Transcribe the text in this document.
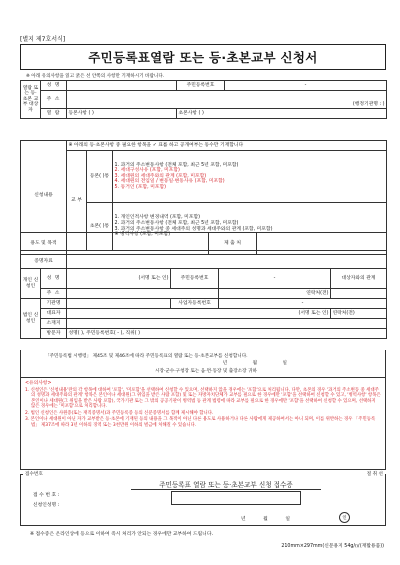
[별지 제7호서식]
주민등록표열람 또는 등·초본교부 신청서
※ 아래 유의사항을 읽고 굵은 선 안쪽의 사항만 기재하시기 바랍니다.
열람 또는 등·초본 교부 대상자	성 명		주민등록번호	-
	주 소	(행정기관명 : )		
	열 람	등본사항 ( )	초본사항 ( )	
신청내용	※ 아래의 등·초본사항 중 필요한 항목을 ✓ 표를 하고 공개여부는 동수만 기재합니다		
	교 부	등본( )통	1. 과거의 주소변동사항 (전체 포함, 최근 5년 포함, 미포함)
2. 세대구성사유 (포함, 미포함)
3. 세대원의 세대주와의 관계 (포함, 미포함)
4. 세대원의 전입일 / 변동일·변동사유 (포함, 미포함)
5. 동거인 (포함, 미포함)

		초본( )통	1. 개인인적사항 변경내역 (포함, 미포함)
2. 과거의 주소변동사항 (전체 포함, 최근 5년 포함, 미포함)
3. 과거의 주소변동사항 중 세대주의 성명과 세대주와의 관계 (포함, 미포함)
※ 병역사항 (포함, 미포함)
용도 및 목적		제 출 처	
증명자료			
개인 신청인	성 명	(서명 또는 인)	주민등록번호	-	대상자와의 관계
	주 소			연락처(전)	
법인 신청인	기관명		사업자등록번호	-	
	대표자	(서명 또는 인)			연락처(전)
	소재지				
	방문자	성명( ), 주민등록번호( - ), 직위( )			
「주민등록법 시행령」 제45조 및 제46조에 따라 주민등록표의 열람 또는 등·초본교부를 신청합니다.
년 월 일
시장·군수·구청장 또는 읍·면·동장 및 출장소장 귀하
<유의사항>

1. 신청인은 '신청내용'란의 각 항목에 대하여 '포함', '미포함'을 선택하여 신청할 수 있으며, 선택하지 않을 경우에는 '포함'으로 처리됩니다. 다만, 초본의 경우 '과거의 주소변동 중 세대주의 성명과 세대주와의 관계' 항목은 본인이나 세대원(그 위임을 받은 사람 포함) 및 또는 자방자치단체가 교부를 필요로 한 경우에만 '포함'을 선택하여 신청할 수 있고, '병역사항' 항목은 본인이나 세대원(그 위임을 받은 사람 포함), 국가기관 또는 그 밖의 공공기관이 병역법 등 관계 법령에 따라 교부를 필요로 한 경우에만 '포함'을 선택하여 신청할 수 있으며, 선택하지 않은 경우에는 '미포함'으로 처리합니다.

2. 법인 신청인은 사원증(또는 재직증명서)과 주민등록증 등의 신분증명서를 함께 제시해야 합니다.

3. 본인이나 세대원이 아닌 자가 교부받은 등·초본에 기재된 등의 내용을 그 목적이 아닌 다른 용도로 사용하거나 다른 사람에게 제공하여서는 아니 되며, 이를 위반하는 경우 「주민등록법」 제37조에 따라 3년 이하의 징역 또는 3천만원 이하의 벌금에 처해질 수 있습니다.

접수번호	절 취 선
주민등록표 열람 또는 등·초본교부 신청 접수증
접 수 번 호 :
신청인성명 :
년 월 일	인
※ 접수증은 온라인상에 등으로 이하여 즉시 처리가 안되는 경우에만 교부하여 드립니다.
210mm×297mm(신문용지 54g/㎡(재활용품))
